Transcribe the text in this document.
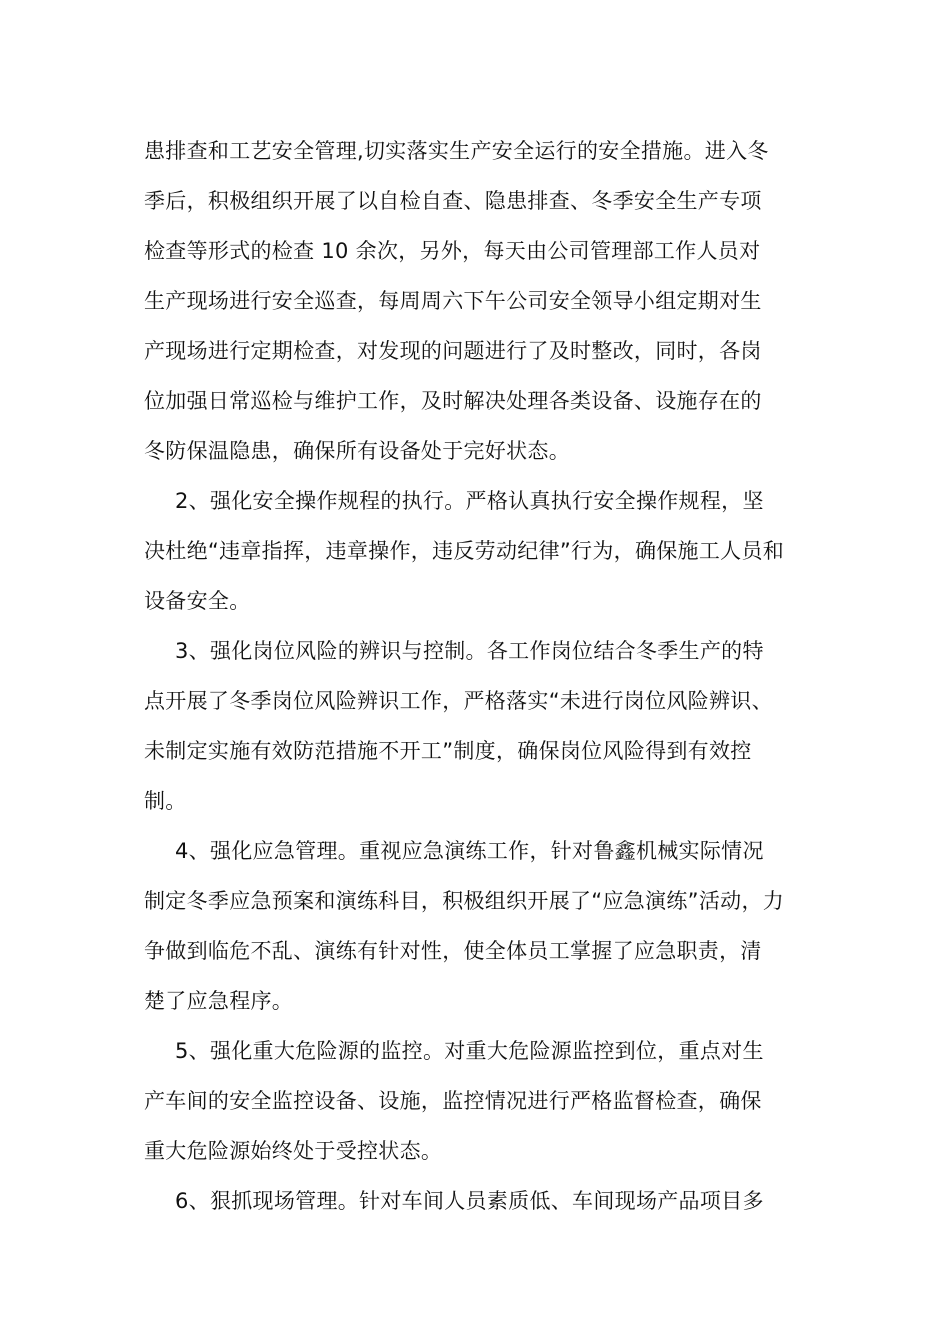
患排查和工艺安全管理,切实落实生产安全运行的安全措施。进入冬
季后，积极组织开展了以自检自查、隐患排查、冬季安全生产专项
检查等形式的检查 10 余次，另外，每天由公司管理部工作人员对
生产现场进行安全巡查，每周周六下午公司安全领导小组定期对生
产现场进行定期检查，对发现的问题进行了及时整改，同时，各岗
位加强日常巡检与维护工作，及时解决处理各类设备、设施存在的
冬防保温隐患，确保所有设备处于完好状态。
2、强化安全操作规程的执行。严格认真执行安全操作规程，坚
决杜绝“违章指挥，违章操作，违反劳动纪律”行为，确保施工人员和
设备安全。
3、强化岗位风险的辨识与控制。各工作岗位结合冬季生产的特
点开展了冬季岗位风险辨识工作，严格落实“未进行岗位风险辨识、
未制定实施有效防范措施不开工”制度，确保岗位风险得到有效控
制。
4、强化应急管理。重视应急演练工作，针对鲁鑫机械实际情况
制定冬季应急预案和演练科目，积极组织开展了“应急演练”活动，力
争做到临危不乱、演练有针对性，使全体员工掌握了应急职责，清
楚了应急程序。
5、强化重大危险源的监控。对重大危险源监控到位，重点对生
产车间的安全监控设备、设施，监控情况进行严格监督检查，确保
重大危险源始终处于受控状态。
6、狠抓现场管理。针对车间人员素质低、车间现场产品项目多
